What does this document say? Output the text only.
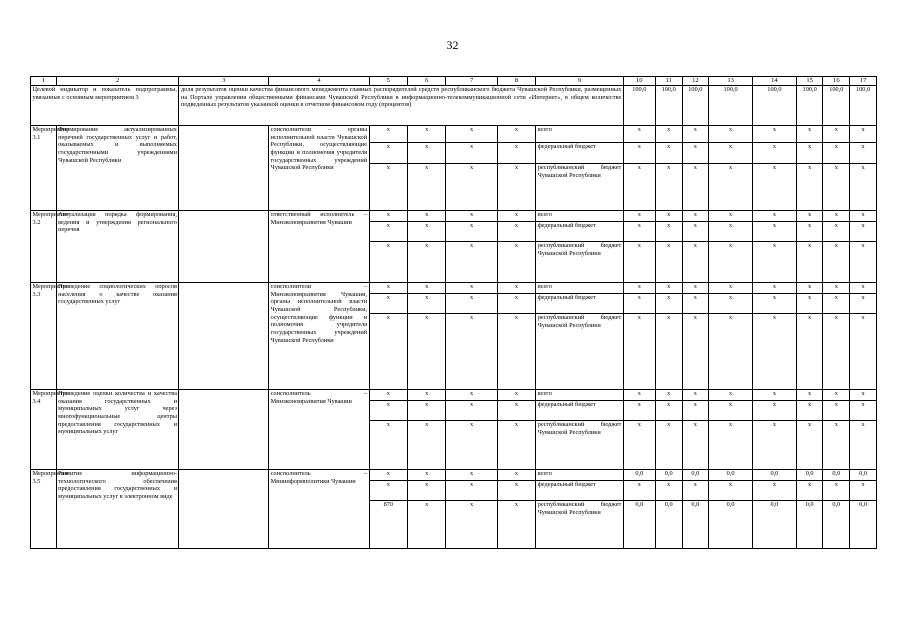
32
1	2	3	4	5	6	7	8	9	10	11	12	13	14	15	16	17
Целевой индикатор и показатель подпрограммы, увязанные с основным мероприятием 3		доля результатов оценки качества финансового менеджмента главных распорядителей средств республиканского бюджета Чувашской Республики, размещенных на Портале управления общественными финансами Чувашской Республики в информационно-телекоммуникационной сети «Интернет», в общем количестве подведенных результатов указанной оценки в отчетном финансовом году (процентов)							100,0	100,0	100,0	100,0	100,0	100,0	100,0	100,0
Мероприятие 3.1	Формирование актуализированных перечней государственных услуг и работ, оказываемых и выполняемых государственными учреждениями Чувашской Республики		соисполнители – органы исполнительной власти Чувашской Республики, осуществляющие функции и полномочия учредителя государственных учреждений Чувашской Республики	x	x	x	x	всего	x	x	x	x	x	x	x	x
				x	x	x	x	федеральный бюджет	x	x	x	x	x	x	x	x
				x	x	x	x	республиканский бюджет Чувашской Республики	x	x	x	x	x	x	x	x
Мероприятие 3.2	Актуализация порядка формирования, ведения и утверждения регионального перечня		ответственный исполнитель – Минэкономразвития Чувашии	x	x	x	x	всего	x	x	x	x	x	x	x	x
				x	x	x	x	федеральный бюджет	x	x	x	x	x	x	x	x
				x	x	x	x	республиканский бюджет Чувашской Республики	x	x	x	x	x	x	x	x
Мероприятие 3.3	Проведение социологических опросов населения о качестве оказания государственных услуг		соисполнители – Минэкономразвития Чувашии, органы исполнительной власти Чувашской Республики, осуществляющие функции и полномочия учредителя государственных учреждений Чувашской Республики	x	x	x	x	всего	x	x	x	x	x	x	x	x
				x	x	x	x	федеральный бюджет	x	x	x	x	x	x	x	x
				x	x	x	x	республиканский бюджет Чувашской Республики	x	x	x	x	x	x	x	x
Мероприятие 3.4	Проведение оценки количества и качества оказания государственных и муниципальных услуг через многофункциональные центры предоставления государственных и муниципальных услуг		соисполнитель – Минэкономразвития Чувашии	x	x	x	x	всего	x	x	x	x	x	x	x	x
				x	x	x	x	федеральный бюджет	x	x	x	x	x	x	x	x
				x	x	x	x	республиканский бюджет Чувашской Республики	x	x	x	x	x	x	x	x
Мероприятие 3.5	Развитие информационно-технологического обеспечения предоставления государственных и муниципальных услуг в электронном виде		соисполнитель – Мининформполитики Чувашии	x	x	x	x	всего	0,0	0,0	0,0	0,0	0,0	0,0	0,0	0,0
				x	x	x	x	федеральный бюджет	x	x	x	x	x	x	x	x
				870	x	x	x	республиканский бюджет Чувашской Республики	0,0	0,0	0,0	0,0	0,0	0,0	0,0	0,0
